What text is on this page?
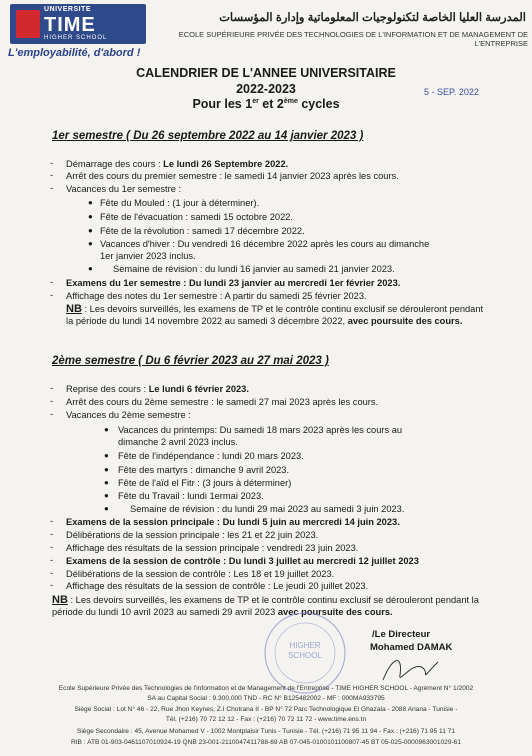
UNIVERSITE
TIME
HIGHER SCHOOL
L'employabilité, d'abord !
المدرسة العليا الخاصة لتكنولوجيات المعلوماتية وإدارة المؤسسات
ECOLE SUPÉRIEURE PRIVÉE DES TECHNOLOGIES DE L'INFORMATION ET DE MANAGEMENT DE L'ENTREPRISE
CALENDRIER DE L'ANNEE UNIVERSITAIRE
2022-2023
Pour les 1er et 2ème cycles
5 - SEP. 2022
1er semestre ( Du 26 septembre 2022 au 14 janvier 2023 )
- Démarrage des cours : Le lundi 26 Septembre 2022.
- Arrêt des cours du premier semestre : le samedi 14 janvier 2023 après les cours.
- Vacances du 1er semestre :
● Fête du Mouled : (1 jour à déterminer).
● Fête de l'évacuation : samedi 15 octobre 2022.
● Fête de la révolution : samedi 17 décembre 2022.
● Vacances d'hiver : Du vendredi 16 décembre 2022 après les cours au dimanche
1er janvier 2023 inclus.
● Semaine de révision : du lundi 16 janvier au samedi 21 janvier 2023.
- Examens du 1er semestre : Du lundi 23 janvier au mercredi 1er février 2023.
- Affichage des notes du 1er semestre : A partir du samedi 25 février 2023.
NB : Les devoirs surveillés, les examens de TP et le contrôle continu exclusif se dérouleront pendant la période du lundi 14 novembre 2022 au samedi 3 décembre 2022, avec poursuite des cours.
2ème semestre ( Du 6 février 2023 au 27 mai 2023 )
- Reprise des cours : Le lundi 6 février 2023.
- Arrêt des cours du 2ème semestre : le samedi 27 mai 2023 après les cours.
- Vacances du 2ème semestre :
● Vacances du printemps: Du samedi 18 mars 2023 après les cours au
dimanche 2 avril 2023 inclus.
● Fête de l'indépendance : lundi 20 mars 2023.
● Fête des martyrs : dimanche 9 avril 2023.
● Fête de l'aïd el Fitr : (3 jours à déterminer)
● Fête du Travail : lundi 1ermai 2023.
● Semaine de révision : du lundi 29 mai 2023 au samedi 3 juin 2023.
- Examens de la session principale : Du lundi 5 juin au mercredi 14 juin 2023.
- Délibérations de la session principale : les 21 et 22 juin 2023.
- Affichage des résultats de la session principale : vendredi 23 juin 2023.
- Examens de la session de contrôle : Du lundi 3 juillet au mercredi 12 juillet 2023
- Délibérations de la session de contrôle : Les 18 et 19 juillet 2023.
- Affichage des résultats de la session de contrôle : Le jeudi 20 juillet 2023.
NB : Les devoirs surveillés, les examens de TP et le contrôle continu exclusif se dérouleront pendant la période du lundi 10 avril 2023 au samedi 29 avril 2023 avec poursuite des cours.
HIGHER
SCHOOL
/Le Directeur
Mohamed DAMAK
Ecole Supérieure Privée des Technologies de l'information et de Management de l'Entreprise - TIME HIGHER SCHOOL - Agrément N° 1/2002
SA au Capital Social : 9.300.000 TND - RC N° B125482002 - MF : 000MA933795
Siège Social : Lot N° 46 - 22, Rue Jhon Keynes, Z.I Chotrana II - BP N° 72 Parc Technologique El Ghazala - 2088 Ariana - Tunisie -
Tél. (+216) 70 72 12 12 - Fax : (+216) 70 72 11 72 - www.time.ens.tn
Siège Secondaire : 45, Avenue Mohamed V - 1002 Montplaisir Tunis - Tunisie - Tél. (+216) 71 95 11 94 - Fax : (+216) 71 95 11 71
RIB : ATB 01-903-0461107010924-19 QNB 23-001-2110047411788-69 AB 07-045-0100101100807-45 BT 05-025-0000963001029-61
